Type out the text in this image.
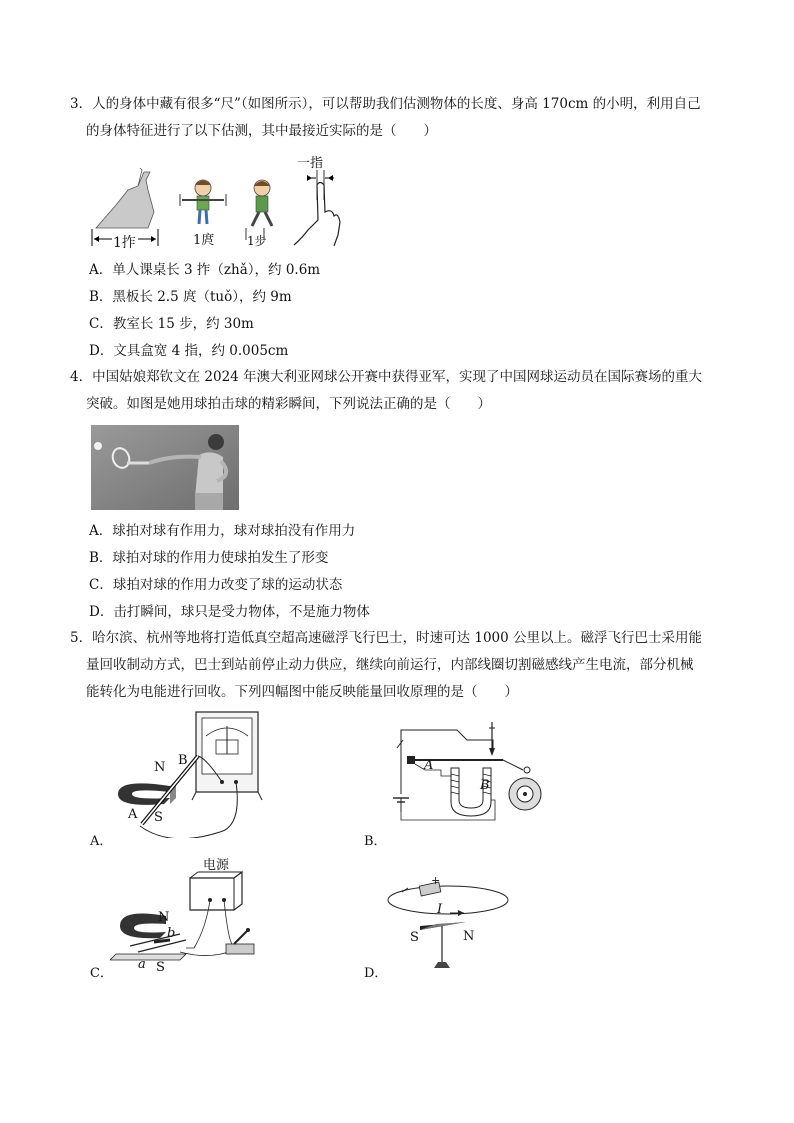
3．人的身体中藏有很多“尺”（如图所示），可以帮助我们估测物体的长度、身高 170cm 的小明，利用自己
的身体特征进行了以下估测，其中最接近实际的是（　　）
1拃	1庹	1步
一指
A．单人课桌长 3 拃（zhǎ），约 0.6m
B．黑板长 2.5 庹（tuǒ），约 9m
C．教室长 15 步，约 30m
D．文具盒宽 4 指，约 0.005cm
4．中国姑娘郑钦文在 2024 年澳大利亚网球公开赛中获得亚军，实现了中国网球运动员在国际赛场的重大
突破。如图是她用球拍击球的精彩瞬间，下列说法正确的是（　　）
A．球拍对球有作用力，球对球拍没有作用力
B．球拍对球的作用力使球拍发生了形变
C．球拍对球的作用力改变了球的运动状态
D．击打瞬间，球只是受力物体，不是施力物体
5．哈尔滨、杭州等地将打造低真空超高速磁浮飞行巴士，时速可达 1000 公里以上。磁浮飞行巴士采用能
量回收制动方式，巴士到站前停止动力供应，继续向前运行，内部线圈切割磁感线产生电流，部分机械
能转化为电能进行回收。下列四幅图中能反映能量回收原理的是（　　）
N B
A S
A．
A
B
B．
电源
N
b
a S
C．
+
I
S	N
D．
